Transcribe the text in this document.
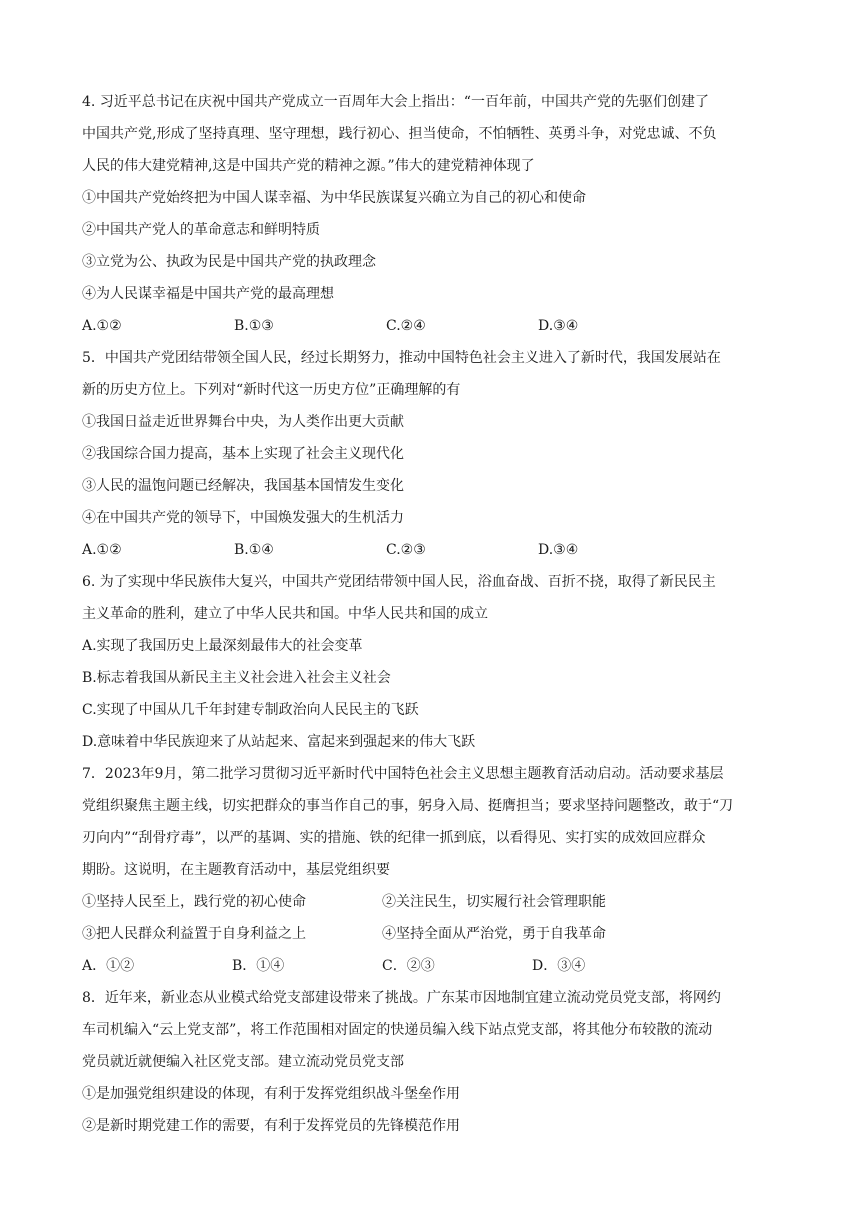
4. 习近平总书记在庆祝中国共产党成立一百周年大会上指出：“一百年前，中国共产党的先驱们创建了
中国共产党,形成了坚持真理、坚守理想，践行初心、担当使命，不怕牺牲、英勇斗争，对党忠诚、不负
人民的伟大建党精神,这是中国共产党的精神之源。”伟大的建党精神体现了
①中国共产党始终把为中国人谋幸福、为中华民族谋复兴确立为自己的初心和使命
②中国共产党人的革命意志和鲜明特质
③立党为公、执政为民是中国共产党的执政理念
④为人民谋幸福是中国共产党的最高理想
A.①②	B.①③	C.②④	D.③④
5．中国共产党团结带领全国人民，经过长期努力，推动中国特色社会主义进入了新时代，我国发展站在
新的历史方位上。下列对“新时代这一历史方位”正确理解的有
①我国日益走近世界舞台中央，为人类作出更大贡献
②我国综合国力提高，基本上实现了社会主义现代化
③人民的温饱问题已经解决，我国基本国情发生变化
④在中国共产党的领导下，中国焕发强大的生机活力
A.①②	B.①④	C.②③	D.③④
6. 为了实现中华民族伟大复兴，中国共产党团结带领中国人民，浴血奋战、百折不挠，取得了新民民主
主义革命的胜利，建立了中华人民共和国。中华人民共和国的成立
A.实现了我国历史上最深刻最伟大的社会变革
B.标志着我国从新民主主义社会进入社会主义社会
C.实现了中国从几千年封建专制政治向人民民主的飞跃
D.意味着中华民族迎来了从站起来、富起来到强起来的伟大飞跃
7．2023年9月，第二批学习贯彻习近平新时代中国特色社会主义思想主题教育活动启动。活动要求基层
党组织聚焦主题主线，切实把群众的事当作自己的事，躬身入局、挺膺担当；要求坚持问题整改，敢于“刀
刃向内”“刮骨疗毒”，以严的基调、实的措施、铁的纪律一抓到底，以看得见、实打实的成效回应群众
期盼。这说明，在主题教育活动中，基层党组织要
①坚持人民至上，践行党的初心使命	②关注民生，切实履行社会管理职能
③把人民群众利益置于自身利益之上	④坚持全面从严治党，勇于自我革命
A．①②	B．①④	C．②③	D．③④
8．近年来，新业态从业模式给党支部建设带来了挑战。广东某市因地制宜建立流动党员党支部，将网约
车司机编入“云上党支部”，将工作范围相对固定的快递员编入线下站点党支部，将其他分布较散的流动
党员就近就便编入社区党支部。建立流动党员党支部
①是加强党组织建设的体现，有利于发挥党组织战斗堡垒作用
②是新时期党建工作的需要，有利于发挥党员的先锋模范作用
